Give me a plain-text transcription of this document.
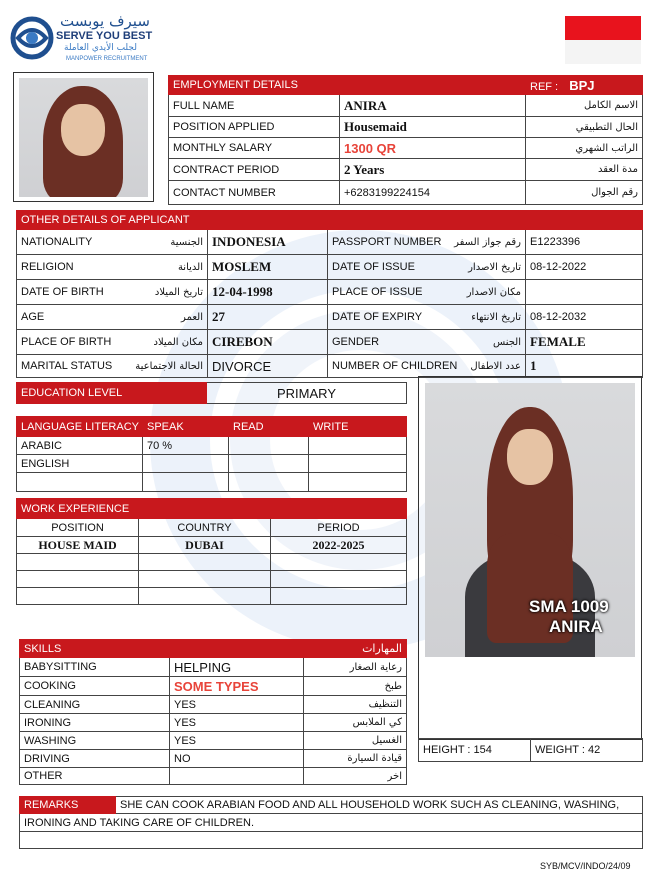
سيرف يوبست
SERVE YOU BEST
لجلب الأيدي العاملة
MANPOWER RECRUITMENT
EMPLOYMENT DETAILS		REF : BPJ
FULL NAME	ANIRA	الاسم الكامل
POSITION APPLIED	Housemaid	الحال التطبيقي
MONTHLY SALARY	1300 QR	الراتب الشهري
CONTRACT PERIOD	2 Years	مدة العقد
CONTACT NUMBER	+6283199224154	رقم الجوال
OTHER DETAILS OF APPLICANT			

NATIONALITY الجنسية	INDONESIA	PASSPORT NUMBER رقم جواز السفر	E1223396

RELIGION الديانة	MOSLEM	DATE OF ISSUE تاريخ الاصدار	08-12-2022

DATE OF BIRTH تاريخ الميلاد	12-04-1998	PLACE OF ISSUE مكان الاصدار	

AGE العمر	27	DATE OF EXPIRY تاريخ الانتهاء	08-12-2032

PLACE OF BIRTH مكان الميلاد	CIREBON	GENDER الجنس	FEMALE

MARITAL STATUS الحالة الاجتماعية	DIVORCE	NUMBER OF CHILDREN عدد الاطفال	1
EDUCATION LEVEL	PRIMARY
LANGUAGE LITERACY	SPEAK	READ	WRITE
ARABIC	70 %		
ENGLISH			

WORK EXPERIENCE		
POSITION	COUNTRY	PERIOD
HOUSE MAID	DUBAI	2022-2025

SMA 1009
ANIRA
HEIGHT : 154	WEIGHT : 42
SKILLS		المهارات
BABYSITTING	HELPING	رعاية الصغار
COOKING	SOME TYPES	طبخ
CLEANING	YES	التنظيف
IRONING	YES	كي الملابس
WASHING	YES	الغسيل
DRIVING	NO	قيادة السيارة
OTHER		اخر
REMARKS	SHE CAN COOK ARABIAN FOOD AND ALL HOUSEHOLD WORK SUCH AS CLEANING, WASHING,
IRONING AND TAKING CARE OF CHILDREN.

SYB/MCV/INDO/24/09
